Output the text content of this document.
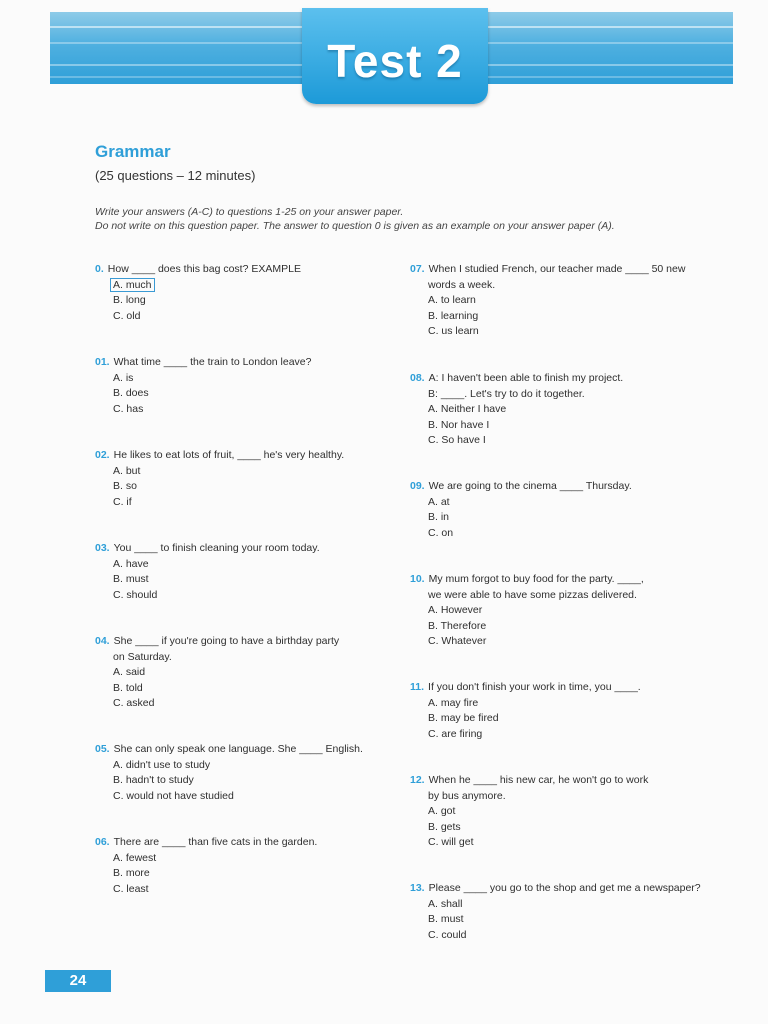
Test 2
Grammar
(25 questions – 12 minutes)
Write your answers (A-C) to questions 1-25 on your answer paper.
Do not write on this question paper. The answer to question 0 is given as an example on your answer paper (A).
0. How ____ does this bag cost? EXAMPLE
A. much
B. long
C. old
01. What time ____ the train to London leave?
A. is
B. does
C. has
02. He likes to eat lots of fruit, ____ he's very healthy.
A. but
B. so
C. if
03. You ____ to finish cleaning your room today.
A. have
B. must
C. should
04. She ____ if you're going to have a birthday party
on Saturday.
A. said
B. told
C. asked
05. She can only speak one language. She ____ English.
A. didn't use to study
B. hadn't to study
C. would not have studied
06. There are ____ than five cats in the garden.
A. fewest
B. more
C. least
07. When I studied French, our teacher made ____ 50 new
words a week.
A. to learn
B. learning
C. us learn
08. A: I haven't been able to finish my project.
B: ____. Let's try to do it together.
A. Neither I have
B. Nor have I
C. So have I
09. We are going to the cinema ____ Thursday.
A. at
B. in
C. on
10. My mum forgot to buy food for the party. ____,
we were able to have some pizzas delivered.
A. However
B. Therefore
C. Whatever
11. If you don't finish your work in time, you ____.
A. may fire
B. may be fired
C. are firing
12. When he ____ his new car, he won't go to work
by bus anymore.
A. got
B. gets
C. will get
13. Please ____ you go to the shop and get me a newspaper?
A. shall
B. must
C. could
24
